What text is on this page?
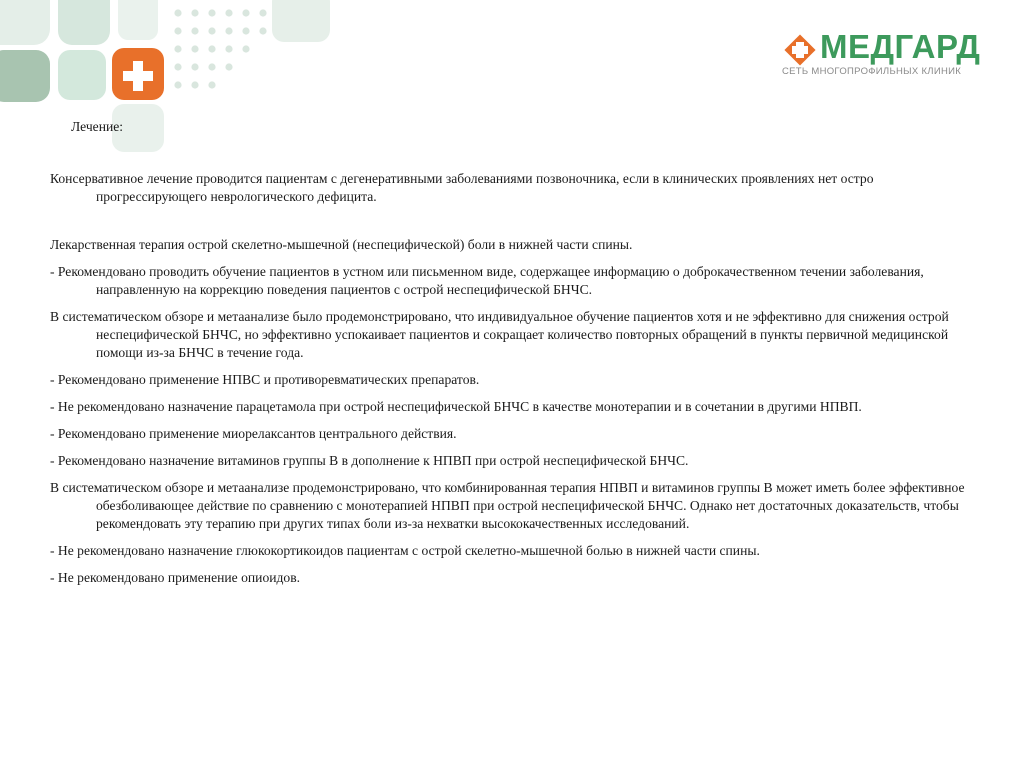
МЕДГАРД
СЕТЬ МНОГОПРОФИЛЬНЫХ КЛИНИК
Лечение:

Консервативное лечение проводится пациентам с дегенеративными заболеваниями позвоночника, если в клинических проявлениях нет остро прогрессирующего неврологического дефицита.

Лекарственная терапия острой скелетно-мышечной (неспецифической) боли в нижней части спины.

- Рекомендовано проводить обучение пациентов в устном или письменном виде, содержащее информацию о доброкачественном течении заболевания, направленную на коррекцию поведения пациентов с острой неспецифической БНЧС.

В систематическом обзоре и метаанализе было продемонстрировано, что индивидуальное обучение пациентов хотя и не эффективно для снижения острой неспецифической БНЧС, но эффективно успокаивает пациентов и сокращает количество повторных обращений в пункты первичной медицинской помощи из-за БНЧС в течение года.

- Рекомендовано применение НПВС и противоревматических препаратов.

- Не рекомендовано назначение парацетамола при острой неспецифической БНЧС в качестве монотерапии и в сочетании в другими НПВП.

- Рекомендовано применение миорелаксантов центрального действия.

- Рекомендовано назначение витаминов группы В в дополнение к НПВП при острой неспецифической БНЧС.

В систематическом обзоре и метаанализе продемонстрировано, что комбинированная терапия НПВП и витаминов группы В может иметь более эффективное обезболивающее действие по сравнению с монотерапией НПВП при острой неспецифической БНЧС. Однако нет достаточных доказательств, чтобы рекомендовать эту терапию при других типах боли из-за нехватки высококачественных исследований.

- Не рекомендовано назначение глюкокортикоидов пациентам с острой скелетно-мышечной болью в нижней части спины.

- Не рекомендовано применение опиоидов.
